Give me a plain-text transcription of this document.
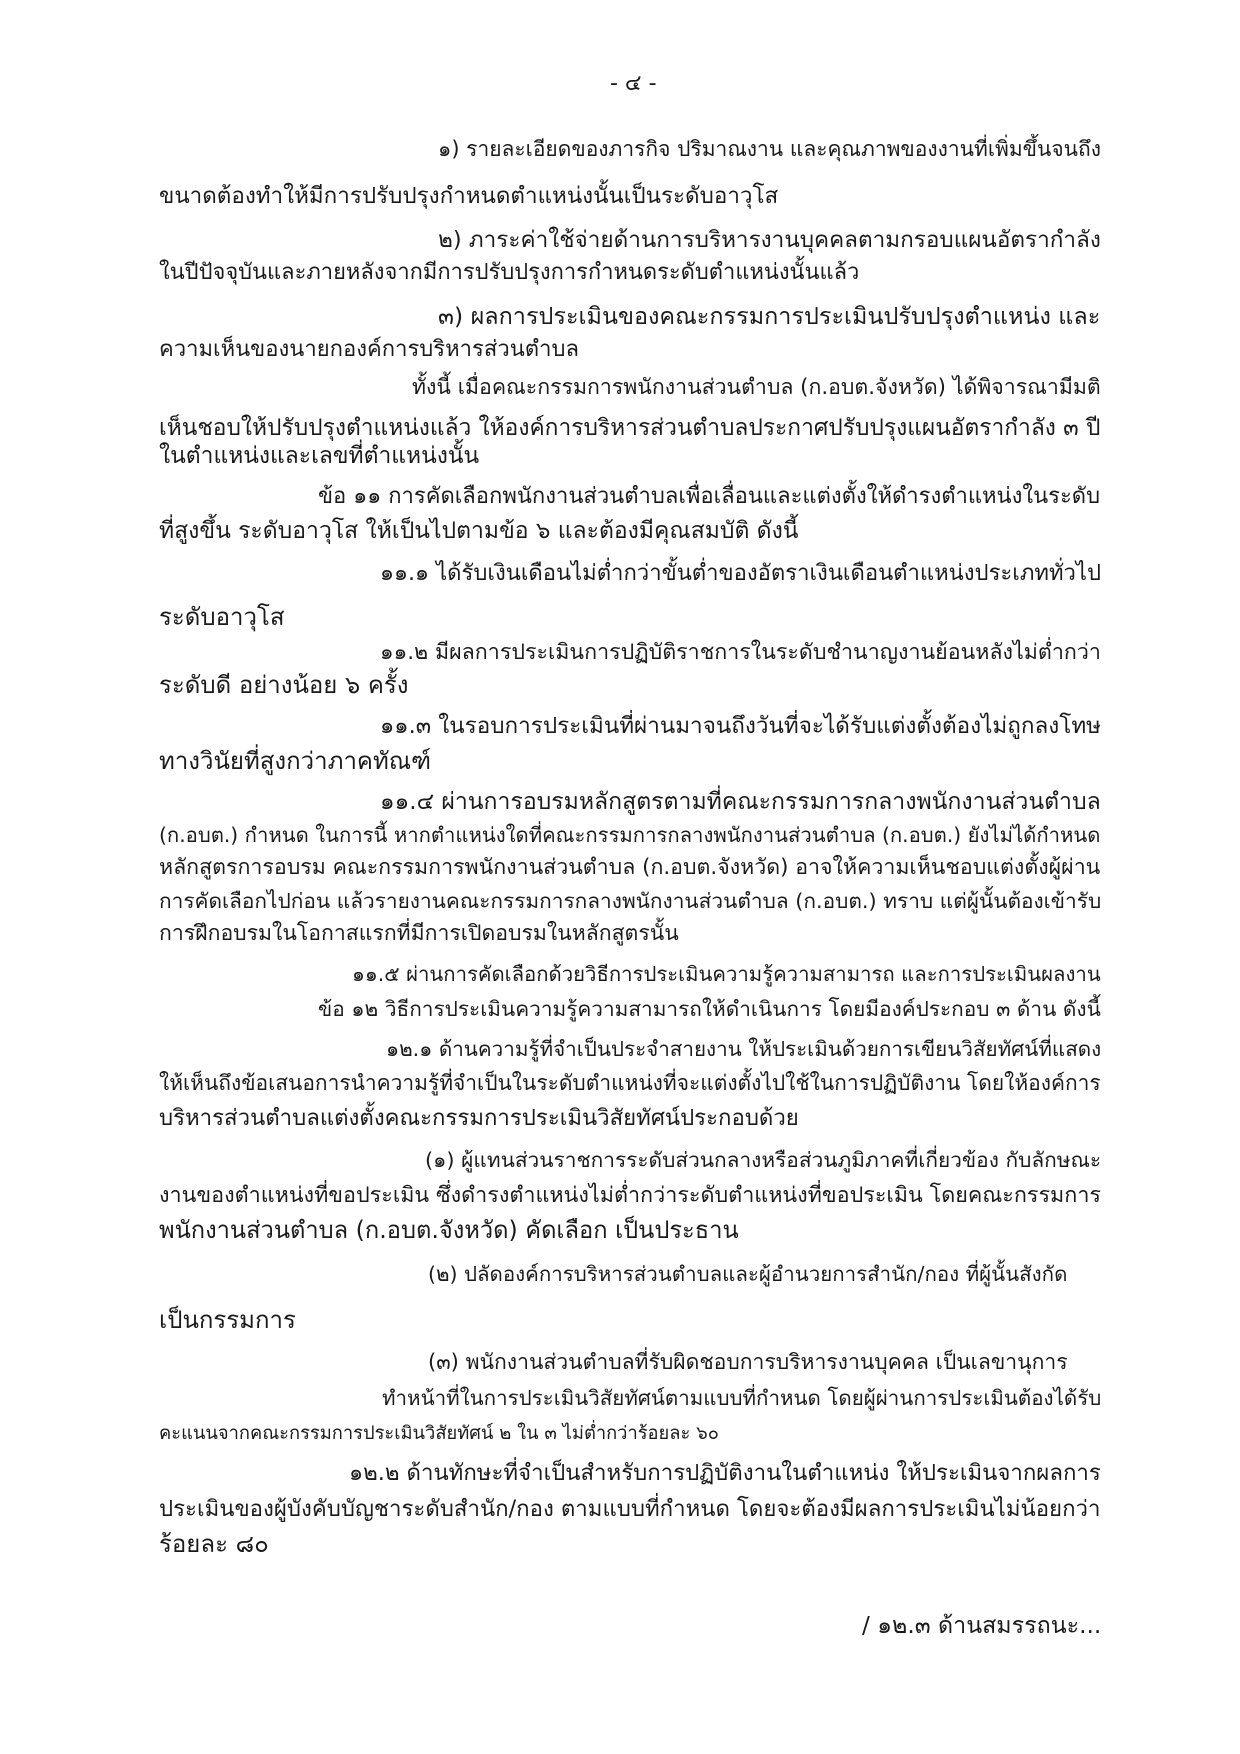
- ๔ -
๑) รายละเอียดของภารกิจ ปริมาณงาน และคุณภาพของงานที่เพิ่มขึ้นจนถึง
ขนาดต้องทำให้มีการปรับปรุงกำหนดตำแหน่งนั้นเป็นระดับอาวุโส
๒) ภาระค่าใช้จ่ายด้านการบริหารงานบุคคลตามกรอบแผนอัตรากำลัง
ในปีปัจจุบันและภายหลังจากมีการปรับปรุงการกำหนดระดับตำแหน่งนั้นแล้ว
๓) ผลการประเมินของคณะกรรมการประเมินปรับปรุงตำแหน่ง และ
ความเห็นของนายกองค์การบริหารส่วนตำบล
ทั้งนี้ เมื่อคณะกรรมการพนักงานส่วนตำบล (ก.อบต.จังหวัด) ได้พิจารณามีมติ
เห็นชอบให้ปรับปรุงตำแหน่งแล้ว ให้องค์การบริหารส่วนตำบลประกาศปรับปรุงแผนอัตรากำลัง ๓ ปี
ในตำแหน่งและเลขที่ตำแหน่งนั้น
ข้อ ๑๑ การคัดเลือกพนักงานส่วนตำบลเพื่อเลื่อนและแต่งตั้งให้ดำรงตำแหน่งในระดับ
ที่สูงขึ้น ระดับอาวุโส ให้เป็นไปตามข้อ ๖ และต้องมีคุณสมบัติ ดังนี้
๑๑.๑ ได้รับเงินเดือนไม่ต่ำกว่าขั้นต่ำของอัตราเงินเดือนตำแหน่งประเภททั่วไป
ระดับอาวุโส
๑๑.๒ มีผลการประเมินการปฏิบัติราชการในระดับชำนาญงานย้อนหลังไม่ต่ำกว่า
ระดับดี อย่างน้อย ๖ ครั้ง
๑๑.๓ ในรอบการประเมินที่ผ่านมาจนถึงวันที่จะได้รับแต่งตั้งต้องไม่ถูกลงโทษ
ทางวินัยที่สูงกว่าภาคทัณฑ์
๑๑.๔ ผ่านการอบรมหลักสูตรตามที่คณะกรรมการกลางพนักงานส่วนตำบล
(ก.อบต.) กำหนด ในการนี้ หากตำแหน่งใดที่คณะกรรมการกลางพนักงานส่วนตำบล (ก.อบต.) ยังไม่ได้กำหนด
หลักสูตรการอบรม คณะกรรมการพนักงานส่วนตำบล (ก.อบต.จังหวัด) อาจให้ความเห็นชอบแต่งตั้งผู้ผ่าน
การคัดเลือกไปก่อน แล้วรายงานคณะกรรมการกลางพนักงานส่วนตำบล (ก.อบต.) ทราบ แต่ผู้นั้นต้องเข้ารับ
การฝึกอบรมในโอกาสแรกที่มีการเปิดอบรมในหลักสูตรนั้น
๑๑.๕ ผ่านการคัดเลือกด้วยวิธีการประเมินความรู้ความสามารถ และการประเมินผลงาน
ข้อ ๑๒ วิธีการประเมินความรู้ความสามารถให้ดำเนินการ โดยมีองค์ประกอบ ๓ ด้าน ดังนี้
๑๒.๑ ด้านความรู้ที่จำเป็นประจำสายงาน ให้ประเมินด้วยการเขียนวิสัยทัศน์ที่แสดง
ให้เห็นถึงข้อเสนอการนำความรู้ที่จำเป็นในระดับตำแหน่งที่จะแต่งตั้งไปใช้ในการปฏิบัติงาน โดยให้องค์การ
บริหารส่วนตำบลแต่งตั้งคณะกรรมการประเมินวิสัยทัศน์ประกอบด้วย
(๑) ผู้แทนส่วนราชการระดับส่วนกลางหรือส่วนภูมิภาคที่เกี่ยวข้อง กับลักษณะ
งานของตำแหน่งที่ขอประเมิน ซึ่งดำรงตำแหน่งไม่ต่ำกว่าระดับตำแหน่งที่ขอประเมิน โดยคณะกรรมการ
พนักงานส่วนตำบล (ก.อบต.จังหวัด) คัดเลือก เป็นประธาน
(๒) ปลัดองค์การบริหารส่วนตำบลและผู้อำนวยการสำนัก/กอง ที่ผู้นั้นสังกัด
เป็นกรรมการ
(๓) พนักงานส่วนตำบลที่รับผิดชอบการบริหารงานบุคคล เป็นเลขานุการ
ทำหน้าที่ในการประเมินวิสัยทัศน์ตามแบบที่กำหนด โดยผู้ผ่านการประเมินต้องได้รับ
คะแนนจากคณะกรรมการประเมินวิสัยทัศน์ ๒ ใน ๓ ไม่ต่ำกว่าร้อยละ ๖๐
๑๒.๒ ด้านทักษะที่จำเป็นสำหรับการปฏิบัติงานในตำแหน่ง ให้ประเมินจากผลการ
ประเมินของผู้บังคับบัญชาระดับสำนัก/กอง ตามแบบที่กำหนด โดยจะต้องมีผลการประเมินไม่น้อยกว่า
ร้อยละ ๘๐
/ ๑๒.๓ ด้านสมรรถนะ...
